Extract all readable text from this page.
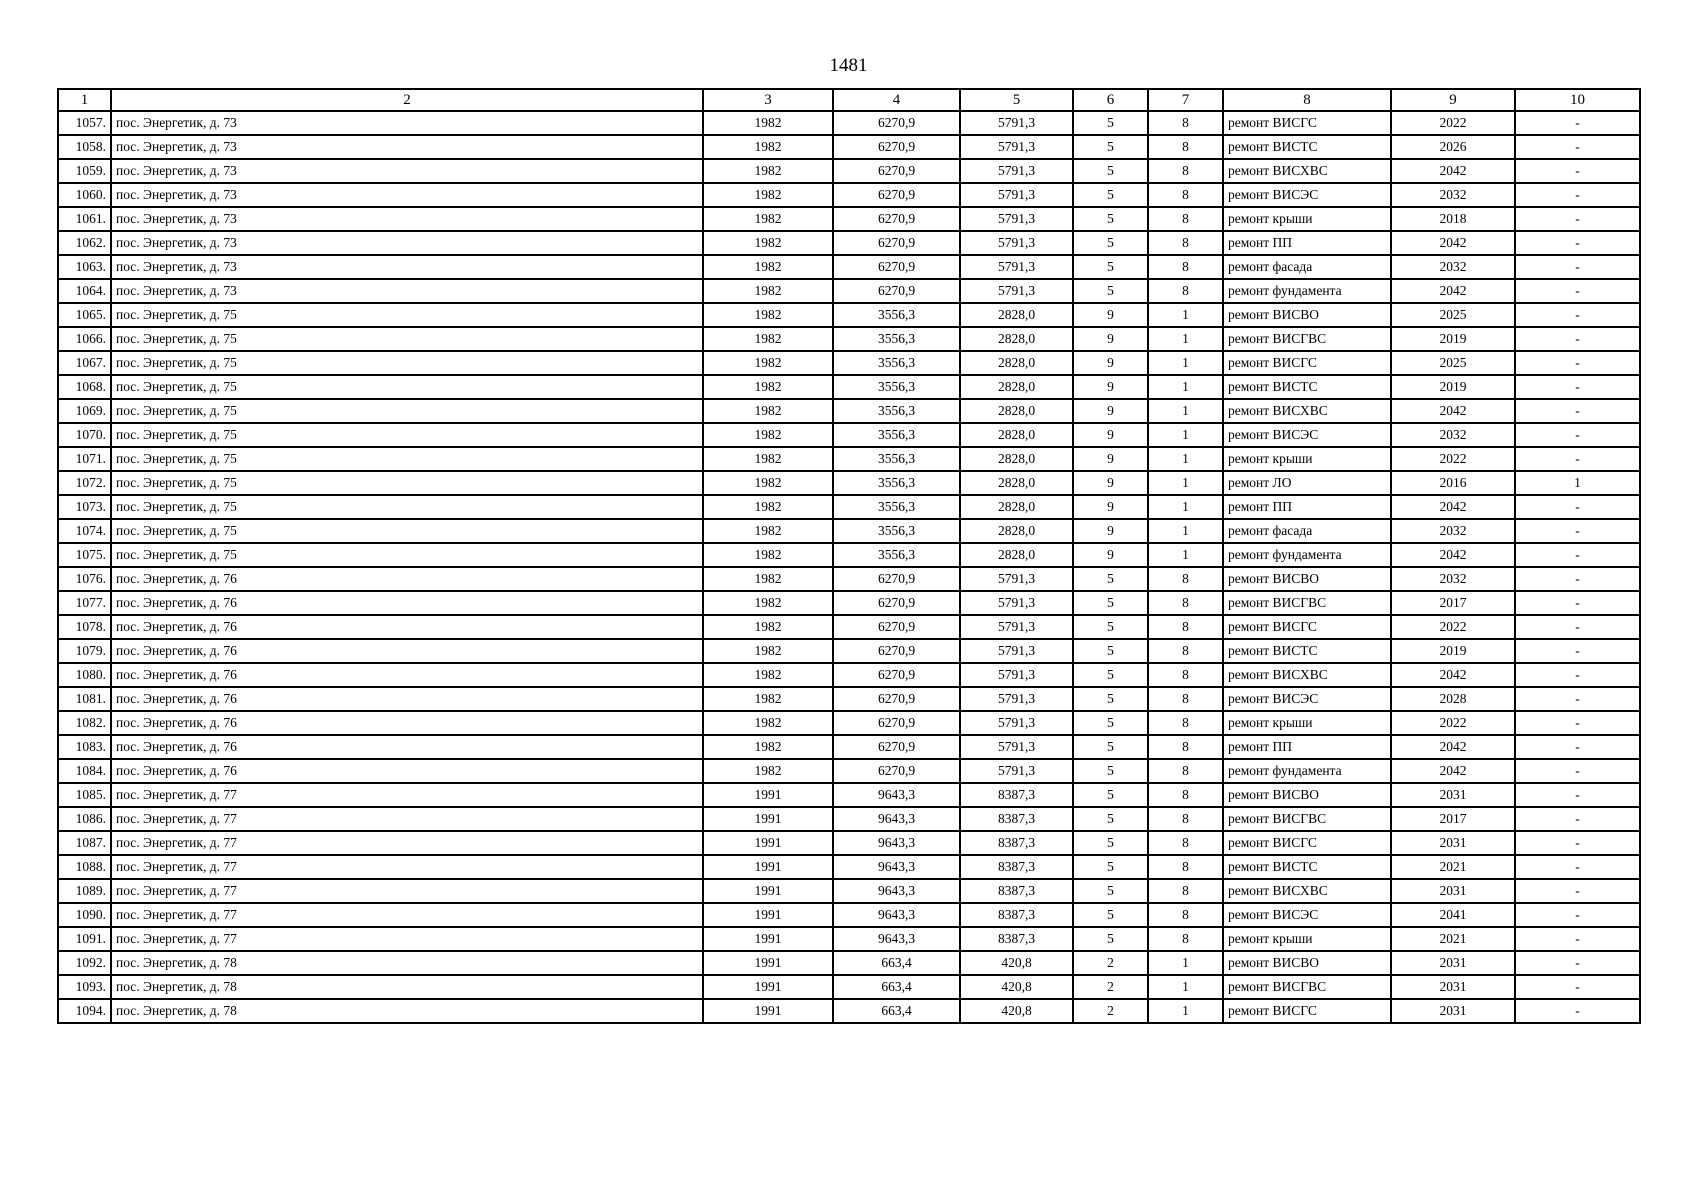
1481
1	2	3	4	5	6	7	8	9	10
1057.	пос. Энергетик, д. 73	1982	6270,9	5791,3	5	8	ремонт ВИСГС	2022	-
1058.	пос. Энергетик, д. 73	1982	6270,9	5791,3	5	8	ремонт ВИСТС	2026	-
1059.	пос. Энергетик, д. 73	1982	6270,9	5791,3	5	8	ремонт ВИСХВС	2042	-
1060.	пос. Энергетик, д. 73	1982	6270,9	5791,3	5	8	ремонт ВИСЭС	2032	-
1061.	пос. Энергетик, д. 73	1982	6270,9	5791,3	5	8	ремонт крыши	2018	-
1062.	пос. Энергетик, д. 73	1982	6270,9	5791,3	5	8	ремонт ПП	2042	-
1063.	пос. Энергетик, д. 73	1982	6270,9	5791,3	5	8	ремонт фасада	2032	-
1064.	пос. Энергетик, д. 73	1982	6270,9	5791,3	5	8	ремонт фундамента	2042	-
1065.	пос. Энергетик, д. 75	1982	3556,3	2828,0	9	1	ремонт ВИСВО	2025	-
1066.	пос. Энергетик, д. 75	1982	3556,3	2828,0	9	1	ремонт ВИСГВС	2019	-
1067.	пос. Энергетик, д. 75	1982	3556,3	2828,0	9	1	ремонт ВИСГС	2025	-
1068.	пос. Энергетик, д. 75	1982	3556,3	2828,0	9	1	ремонт ВИСТС	2019	-
1069.	пос. Энергетик, д. 75	1982	3556,3	2828,0	9	1	ремонт ВИСХВС	2042	-
1070.	пос. Энергетик, д. 75	1982	3556,3	2828,0	9	1	ремонт ВИСЭС	2032	-
1071.	пос. Энергетик, д. 75	1982	3556,3	2828,0	9	1	ремонт крыши	2022	-
1072.	пос. Энергетик, д. 75	1982	3556,3	2828,0	9	1	ремонт ЛО	2016	1
1073.	пос. Энергетик, д. 75	1982	3556,3	2828,0	9	1	ремонт ПП	2042	-
1074.	пос. Энергетик, д. 75	1982	3556,3	2828,0	9	1	ремонт фасада	2032	-
1075.	пос. Энергетик, д. 75	1982	3556,3	2828,0	9	1	ремонт фундамента	2042	-
1076.	пос. Энергетик, д. 76	1982	6270,9	5791,3	5	8	ремонт ВИСВО	2032	-
1077.	пос. Энергетик, д. 76	1982	6270,9	5791,3	5	8	ремонт ВИСГВС	2017	-
1078.	пос. Энергетик, д. 76	1982	6270,9	5791,3	5	8	ремонт ВИСГС	2022	-
1079.	пос. Энергетик, д. 76	1982	6270,9	5791,3	5	8	ремонт ВИСТС	2019	-
1080.	пос. Энергетик, д. 76	1982	6270,9	5791,3	5	8	ремонт ВИСХВС	2042	-
1081.	пос. Энергетик, д. 76	1982	6270,9	5791,3	5	8	ремонт ВИСЭС	2028	-
1082.	пос. Энергетик, д. 76	1982	6270,9	5791,3	5	8	ремонт крыши	2022	-
1083.	пос. Энергетик, д. 76	1982	6270,9	5791,3	5	8	ремонт ПП	2042	-
1084.	пос. Энергетик, д. 76	1982	6270,9	5791,3	5	8	ремонт фундамента	2042	-
1085.	пос. Энергетик, д. 77	1991	9643,3	8387,3	5	8	ремонт ВИСВО	2031	-
1086.	пос. Энергетик, д. 77	1991	9643,3	8387,3	5	8	ремонт ВИСГВС	2017	-
1087.	пос. Энергетик, д. 77	1991	9643,3	8387,3	5	8	ремонт ВИСГС	2031	-
1088.	пос. Энергетик, д. 77	1991	9643,3	8387,3	5	8	ремонт ВИСТС	2021	-
1089.	пос. Энергетик, д. 77	1991	9643,3	8387,3	5	8	ремонт ВИСХВС	2031	-
1090.	пос. Энергетик, д. 77	1991	9643,3	8387,3	5	8	ремонт ВИСЭС	2041	-
1091.	пос. Энергетик, д. 77	1991	9643,3	8387,3	5	8	ремонт крыши	2021	-
1092.	пос. Энергетик, д. 78	1991	663,4	420,8	2	1	ремонт ВИСВО	2031	-
1093.	пос. Энергетик, д. 78	1991	663,4	420,8	2	1	ремонт ВИСГВС	2031	-
1094.	пос. Энергетик, д. 78	1991	663,4	420,8	2	1	ремонт ВИСГС	2031	-
